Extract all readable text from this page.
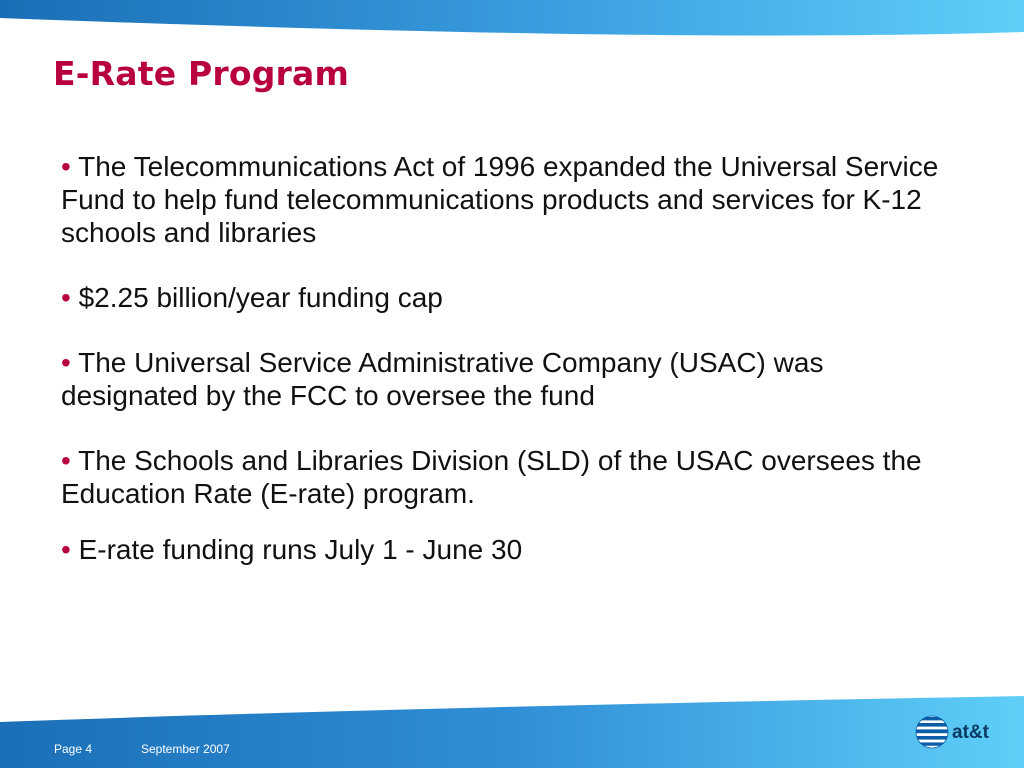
E-Rate Program
• The Telecommunications Act of 1996 expanded the Universal Service Fund to help fund telecommunications products and services for K-12 schools and libraries
• $2.25 billion/year funding cap
• The Universal Service Administrative Company (USAC) was designated by the FCC to oversee the fund
• The Schools and Libraries Division (SLD) of the USAC oversees the Education Rate (E-rate) program.
• E-rate funding runs July 1 - June 30
Page 4	September 2007
at&t
